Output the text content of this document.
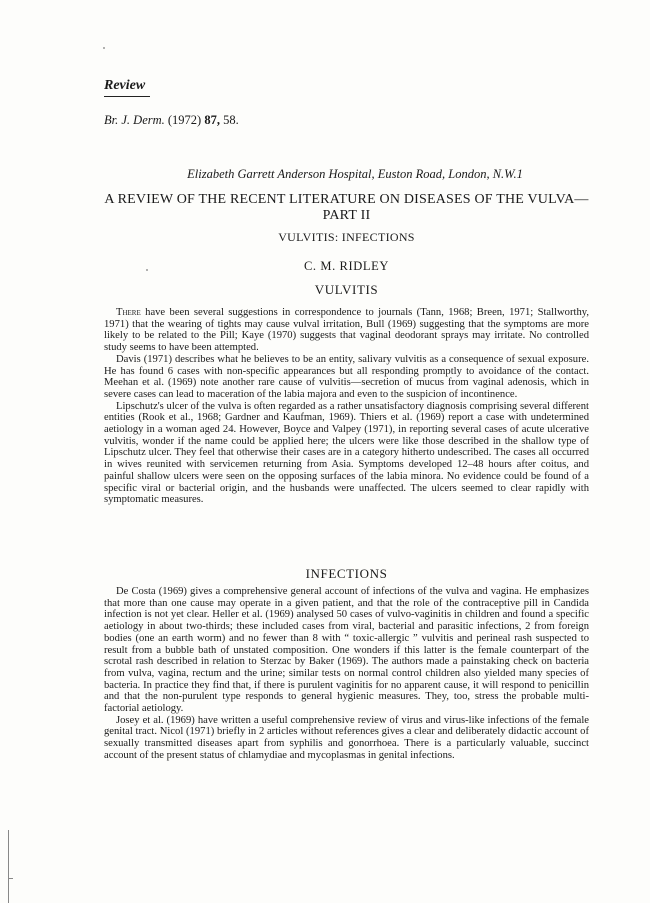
Review
Br. J. Derm. (1972) 87, 58.
Elizabeth Garrett Anderson Hospital, Euston Road, London, N.W.1
A REVIEW OF THE RECENT LITERATURE ON DISEASES OF THE VULVA—PART II
VULVITIS: INFECTIONS
C. M. RIDLEY
VULVITIS

There have been several suggestions in correspondence to journals (Tann, 1968; Breen, 1971; Stallworthy, 1971) that the wearing of tights may cause vulval irritation, Bull (1969) suggesting that the symptoms are more likely to be related to the Pill; Kaye (1970) suggests that vaginal deodorant sprays may irritate. No controlled study seems to have been attempted.

Davis (1971) describes what he believes to be an entity, salivary vulvitis as a consequence of sexual exposure. He has found 6 cases with non-specific appearances but all responding promptly to avoidance of the contact. Meehan et al. (1969) note another rare cause of vulvitis—secretion of mucus from vaginal adenosis, which in severe cases can lead to maceration of the labia majora and even to the suspicion of incontinence.

Lipschutz's ulcer of the vulva is often regarded as a rather unsatisfactory diagnosis comprising several different entities (Rook et al., 1968; Gardner and Kaufman, 1969). Thiers et al. (1969) report a case with undetermined aetiology in a woman aged 24. However, Boyce and Valpey (1971), in reporting several cases of acute ulcerative vulvitis, wonder if the name could be applied here; the ulcers were like those described in the shallow type of Lipschutz ulcer. They feel that otherwise their cases are in a category hitherto undescribed. The cases all occurred in wives reunited with servicemen returning from Asia. Symptoms developed 12–48 hours after coitus, and painful shallow ulcers were seen on the opposing surfaces of the labia minora. No evidence could be found of a specific viral or bacterial origin, and the husbands were unaffected. The ulcers seemed to clear rapidly with symptomatic measures.

INFECTIONS

De Costa (1969) gives a comprehensive general account of infections of the vulva and vagina. He emphasizes that more than one cause may operate in a given patient, and that the role of the contraceptive pill in Candida infection is not yet clear. Heller et al. (1969) analysed 50 cases of vulvo-vaginitis in children and found a specific aetiology in about two-thirds; these included cases from viral, bacterial and parasitic infections, 2 from foreign bodies (one an earth worm) and no fewer than 8 with “ toxic-allergic ” vulvitis and perineal rash suspected to result from a bubble bath of unstated composition. One wonders if this latter is the female counterpart of the scrotal rash described in relation to Sterzac by Baker (1969). The authors made a painstaking check on bacteria from vulva, vagina, rectum and the urine; similar tests on normal control children also yielded many species of bacteria. In practice they find that, if there is purulent vaginitis for no apparent cause, it will respond to penicillin and that the non-purulent type responds to general hygienic measures. They, too, stress the probable multi-factorial aetiology.

Josey et al. (1969) have written a useful comprehensive review of virus and virus-like infections of the female genital tract. Nicol (1971) briefly in 2 articles without references gives a clear and deliberately didactic account of sexually transmitted diseases apart from syphilis and gonorrhoea. There is a particularly valuable, succinct account of the present status of chlamydiae and mycoplasmas in genital infections.
